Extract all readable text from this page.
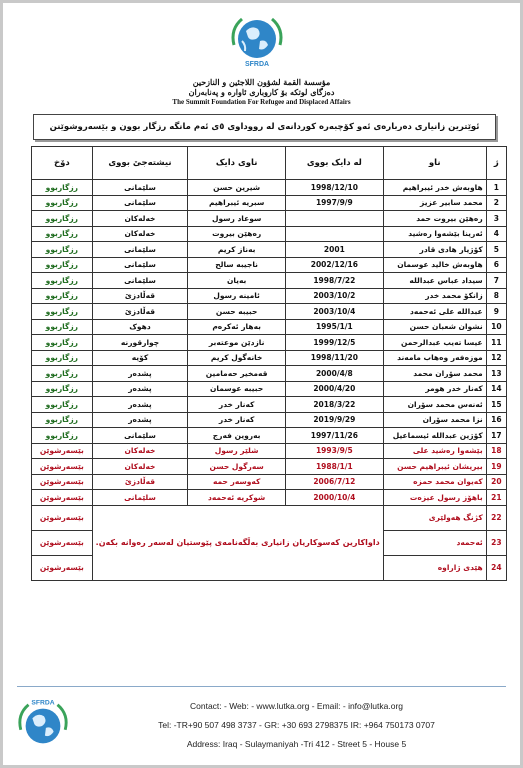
SFRDA
مؤسسة القمة لشؤون اللاجئين و النازحين
دەزگای لوتکە بۆ کاروباری ئاوارە و پەنابەران
The Summit Foundation For Refugee and Displaced Affairs
ئوێترین زانیاری دەربارەی ئەو کۆچبەرە کوردانەی لە رووداوی ٥ی ئەم مانگە رزگار بوون و بێسەروشوێنن
ژ	ناو	لە دایک بووی	ناوی دایک	نیشتەجێ بووی	دۆخ
1	هاوبەش خدر ئیبراهیم	1998/12/10	شیرین حسن	سلێمانی	رزگاربوو
2	محمد سابیر عزیز	1997/9/9	سبریە ئیبراهیم	سلێمانی	رزگاربوو
3	رەهێن بیروت حمد		سوعاد رسول	خەلەکان	رزگاربوو
4	ئەرینا بێشەوا رەشید		رەهێن بیروت	خەلەکان	رزگاربوو
5	کۆژیار هادی قادر	2001	بەناز کریم	سلێمانی	رزگاربوو
6	هاوبەش خالید عوسمان	2002/12/16	ناجیبە سالح	سلێمانی	رزگاربوو
7	سیداد عباس عبداللە	1998/7/22	بەیان	سلێمانی	رزگاربوو
8	زانکۆ محمد خدر	2003/10/2	ئامینە رسول	قەڵادزێ	رزگاربوو
9	عبداللە علی ئەحمەد	2003/10/4	حبیبە حسن	قەڵادزێ	رزگاربوو
10	نشوان شعبان حسن	1995/1/1	بەهار ئەکرەم	دهوک	رزگاربوو
11	عیسا تەیب عبدالرحمن	1999/12/5	نازدێن موعتەبر	چوارقورنە	رزگاربوو
12	موزەفەر وەهاب مامەند	1998/11/20	خانەگول کریم	کۆیە	رزگاربوو
13	محمد سۆران محمد	2000/4/8	قەمخیر حەمامین	پشدەر	رزگاربوو
14	کەنار خدر هومر	2000/4/20	حبیبە عوسمان	پشدەر	رزگاربوو
15	ئەنەس محمد سۆران	2018/3/22	کەنار خدر	پشدەر	رزگاربوو
16	نزا محمد سۆران	2019/9/29	کەنار خدر	پشدەر	رزگاربوو
17	کۆژین عبداللە ئیسماعیل	1997/11/26	بەروین فەرج	سلێمانی	رزگاربوو
18	بێشەوا رەشید علی	1993/9/5	شلێر رسول	خەلەکان	بێسەرشوێن
19	بیریشان ئیبراهیم حسن	1988/1/1	سەرگول حسن	خەلەکان	بێسەرشوێن
20	کەیوان محمد حمزە	2006/7/12	کەوسەر حمە	قەڵادزێ	بێسەرشوێن
21	باهۆز رسول عیزەت	2000/10/4	شوکریە ئەحمەد	سلێمانی	بێسەرشوێن
22	کژنگ هەولێری	داواکارین کەسوکاریان زانیاری بەڵگەنامەی پێوستیان لەسەر رەوانە بکەن.			بێسەرشوێن
23	ئەحمەد				بێسەرشوێن
24	هێدی ژاراوە				بێسەرشوێن
SFRDA	Contact: - Web: - www.lutka.org - Email: - info@lutka.org
Tel: -TR+90 507 498 3737 - GR: +30 693 2798375 IR: +964 750173 0707
Address: Iraq - Sulaymaniyah -Tri 412 - Street 5 - House 5
